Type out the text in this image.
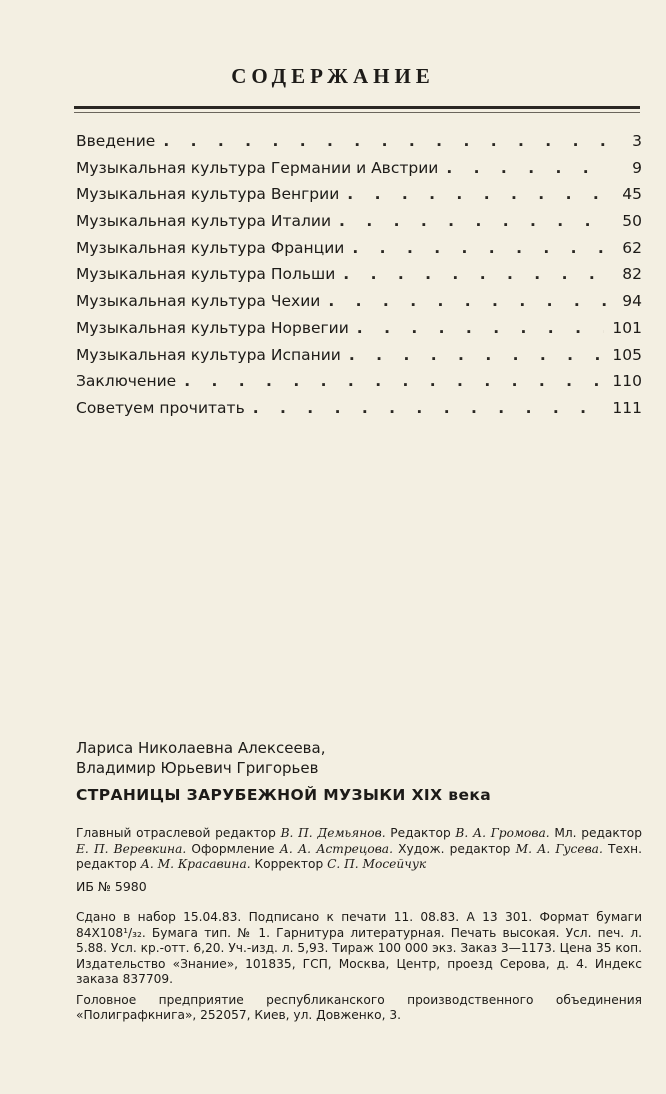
СОДЕРЖАНИЕ
Введение . . .	3
Музыкальная культура Германии и Австрии . . .	9
Музыкальная культура Венгрии . . .	45
Музыкальная культура Италии . . .	50
Музыкальная культура Франции . . .	62
Музыкальная культура Польши . . .	82
Музыкальная культура Чехии . . .	94
Музыкальная культура Норвегии . . .	101
Музыкальная культура Испании . . .	105
Заключение . . .	110
Советуем прочитать . . .	111
Лариса Николаевна Алексеева,
Владимир Юрьевич Григорьев
СТРАНИЦЫ ЗАРУБЕЖНОЙ МУЗЫКИ XIX века
Главный отраслевой редактор В. П. Демьянов. Редактор В. А. Громова. Мл. редактор Е. П. Веревкина. Оформление А. А. Астрецова. Худож. редактор М. А. Гусева. Техн. редактор А. М. Красавина. Корректор С. П. Мосейчук
ИБ № 5980
Сдано в набор 15.04.83. Подписано к печати 11. 08.83. А 13 301. Формат бумаги 84X108¹/₃₂. Бумага тип. № 1. Гарнитура литературная. Печать высокая. Усл. печ. л. 5.88. Усл. кр.-отт. 6,20. Уч.-изд. л. 5,93. Тираж 100 000 экз. Заказ 3—1173. Цена 35 коп. Издательство «Знание», 101835, ГСП, Москва, Центр, проезд Серова, д. 4. Индекс заказа 837709.
Головное предприятие республиканского производственного объединения «Полиграфкнига», 252057, Киев, ул. Довженко, 3.
